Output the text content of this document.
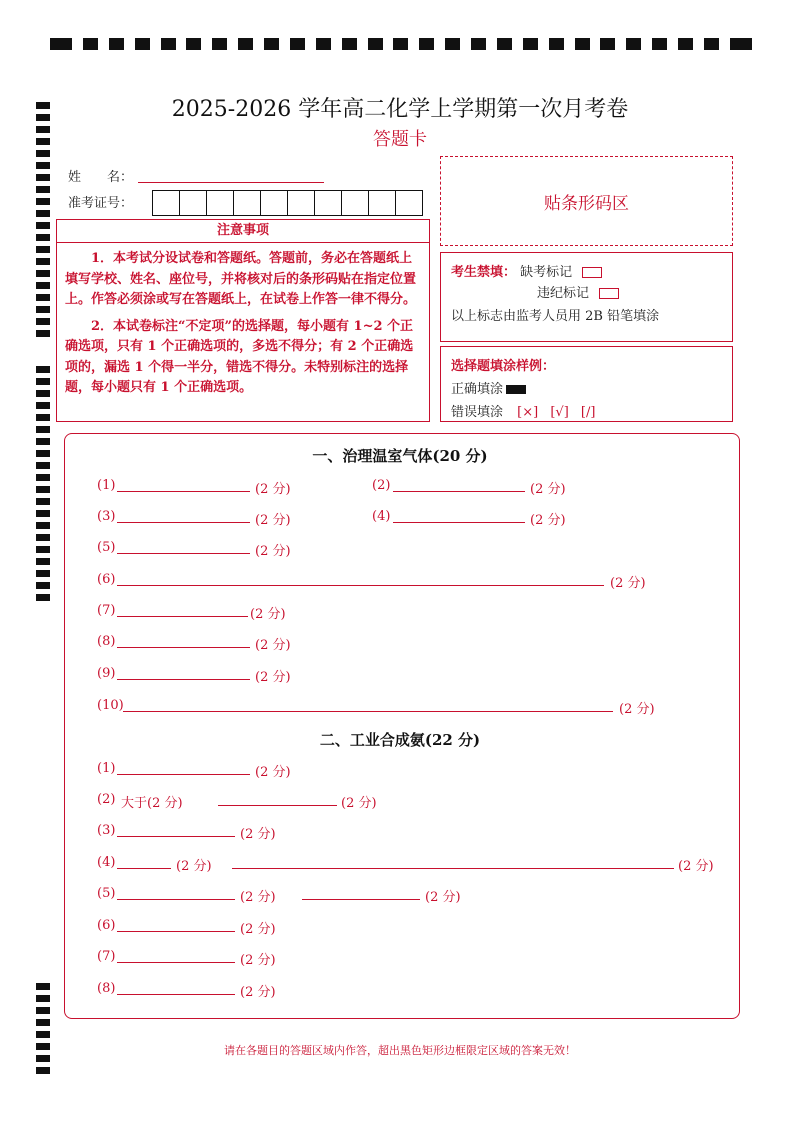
2025-2026 学年高二化学上学期第一次月考卷
答题卡
姓　　名：
准考证号：	贴条形码区
注意事项

1．本考试分设试卷和答题纸。答题前，务必在答题纸上填写学校、姓名、座位号，并将核对后的条形码贴在指定位置上。作答必须涂或写在答题纸上，在试卷上作答一律不得分。

2．本试卷标注“不定项”的选择题，每小题有 1~2 个正确选项，只有 1 个正确选项的，多选不得分；有 2 个正确选项的，漏选 1 个得一半分，错选不得分。未特别标注的选择题，每小题只有 1 个正确选项。

考生禁填： 缺考标记
违纪标记
以上标志由监考人员用 2B 铅笔填涂
选择题填涂样例：
正确填涂
错误填涂 [×] [√] [/]
一、治理温室气体(20 分)
(1)	(2 分)	(2)	(2 分)
(3)	(2 分)	(4)	(2 分)
(5)	(2 分)
(6)	(2 分)
(7)	(2 分)
(8)	(2 分)
(9)	(2 分)
(10)	(2 分)
二、工业合成氨(22 分)
(1)	(2 分)
(2) 大于(2 分)	(2 分)
(3)	(2 分)
(4)	(2 分)	(2 分)
(5)	(2 分)	(2 分)
(6)	(2 分)
(7)	(2 分)
(8)	(2 分)
请在各题目的答题区域内作答，超出黑色矩形边框限定区域的答案无效！
